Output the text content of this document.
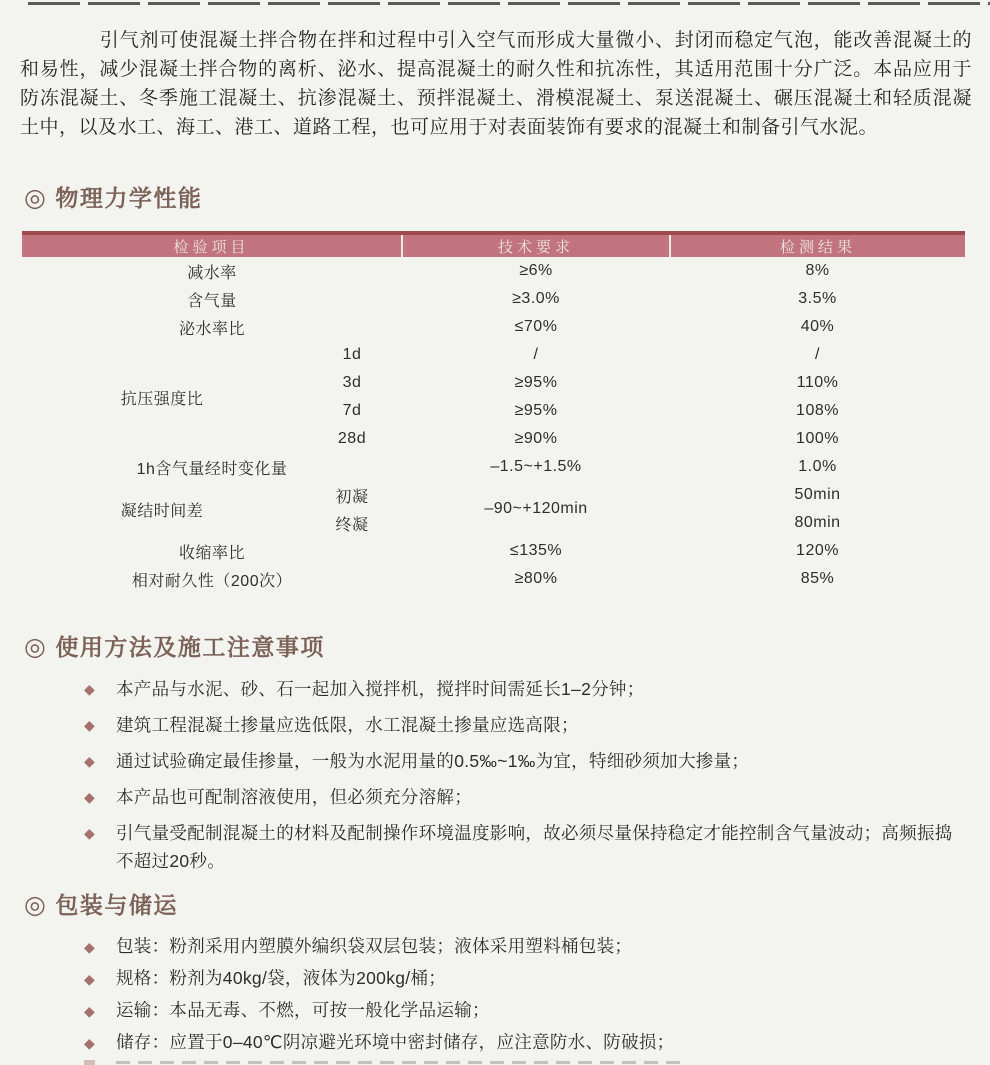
引气剂可使混凝土拌合物在拌和过程中引入空气而形成大量微小、封闭而稳定气泡，能改善混凝土的和易性，减少混凝土拌合物的离析、泌水、提高混凝土的耐久性和抗冻性，其适用范围十分广泛。本品应用于防冻混凝土、冬季施工混凝土、抗渗混凝土、预拌混凝土、滑模混凝土、泵送混凝土、碾压混凝土和轻质混凝土中，以及水工、海工、港工、道路工程，也可应用于对表面装饰有要求的混凝土和制备引气水泥。

◎ 物理力学性能
检验项目		技术要求	检测结果
减水率		≥6%	8%
含气量		≥3.0%	3.5%
泌水率比		≤70%	40%
抗压强度比	1d	/	/
	3d	≥95%	110%
	7d	≥95%	108%
	28d	≥90%	100%
1h含气量经时变化量		–1.5~+1.5%	1.0%
凝结时间差	初凝	–90~+120min	50min
	终凝		80min
收缩率比		≤135%	120%
相对耐久性（200次）		≥80%	85%
◎ 使用方法及施工注意事项
◆ 本产品与水泥、砂、石一起加入搅拌机，搅拌时间需延长1–2分钟；
◆ 建筑工程混凝土掺量应选低限，水工混凝土掺量应选高限；
◆ 通过试验确定最佳掺量，一般为水泥用量的0.5‰~1‰为宜，特细砂须加大掺量；
◆ 本产品也可配制溶液使用，但必须充分溶解；
◆ 引气量受配制混凝土的材料及配制操作环境温度影响，故必须尽量保持稳定才能控制含气量波动；高频振捣不超过20秒。
◎ 包装与储运
◆ 包装：粉剂采用内塑膜外编织袋双层包装；液体采用塑料桶包装；
◆ 规格：粉剂为40kg/袋，液体为200kg/桶；
◆ 运输：本品无毒、不燃，可按一般化学品运输；
◆ 储存：应置于0–40℃阴凉避光环境中密封储存，应注意防水、防破损；
